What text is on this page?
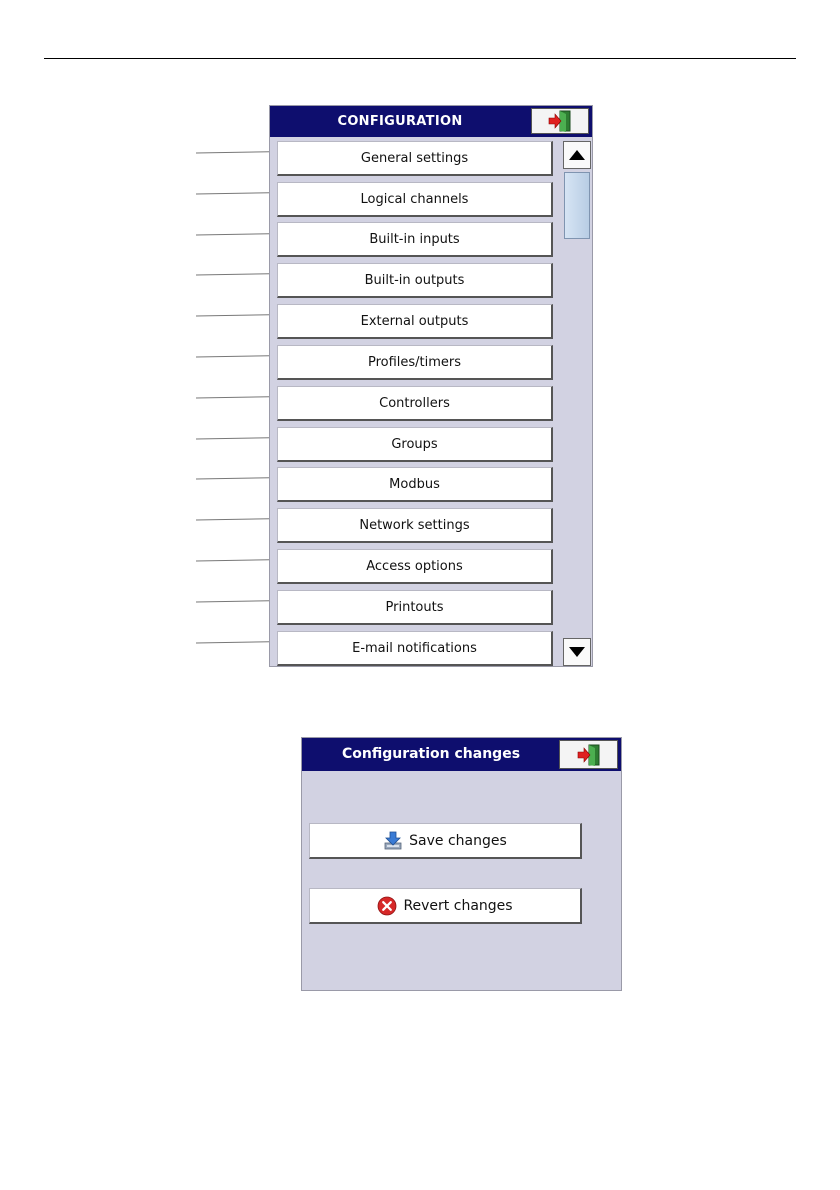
CONFIGURATION
General settings
Logical channels
Built-in inputs
Built-in outputs
External outputs
Profiles/timers
Controllers
Groups
Modbus
Network settings
Access options
Printouts
E-mail notifications
Configuration changes
Save changes
Revert changes
